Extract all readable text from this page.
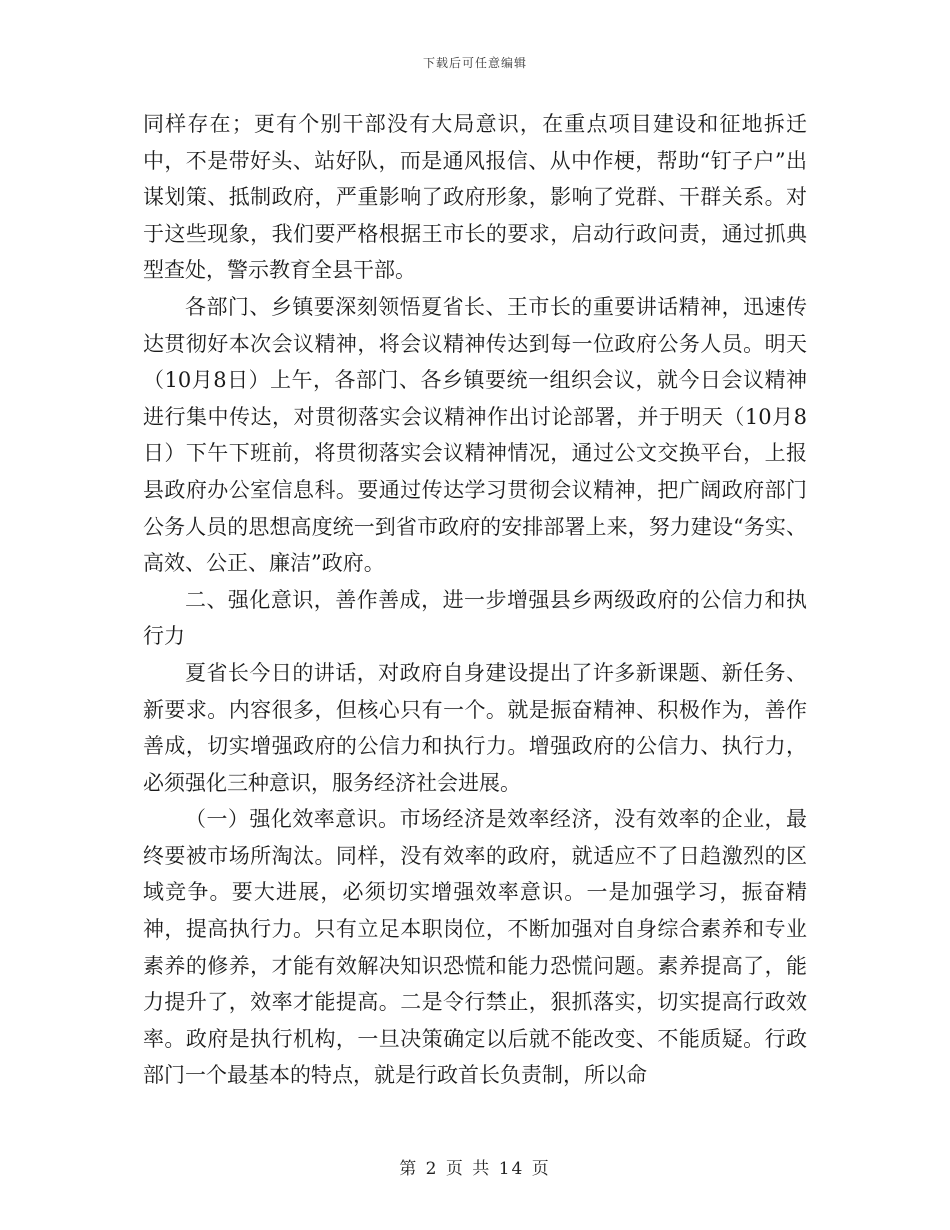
下载后可任意编辑

同样存在；更有个别干部没有大局意识，在重点项目建设和征地拆迁中，不是带好头、站好队，而是通风报信、从中作梗，帮助“钉子户”出谋划策、抵制政府，严重影响了政府形象，影响了党群、干群关系。对于这些现象，我们要严格根据王市长的要求，启动行政问责，通过抓典型查处，警示教育全县干部。

各部门、乡镇要深刻领悟夏省长、王市长的重要讲话精神，迅速传达贯彻好本次会议精神，将会议精神传达到每一位政府公务人员。明天（10月8日）上午，各部门、各乡镇要统一组织会议，就今日会议精神进行集中传达，对贯彻落实会议精神作出讨论部署，并于明天（10月8日）下午下班前，将贯彻落实会议精神情况，通过公文交换平台，上报县政府办公室信息科。要通过传达学习贯彻会议精神，把广阔政府部门公务人员的思想高度统一到省市政府的安排部署上来，努力建设“务实、高效、公正、廉洁”政府。

二、强化意识，善作善成，进一步增强县乡两级政府的公信力和执行力

夏省长今日的讲话，对政府自身建设提出了许多新课题、新任务、新要求。内容很多，但核心只有一个。就是振奋精神、积极作为，善作善成，切实增强政府的公信力和执行力。增强政府的公信力、执行力，必须强化三种意识，服务经济社会进展。

（一）强化效率意识。市场经济是效率经济，没有效率的企业，最终要被市场所淘汰。同样，没有效率的政府，就适应不了日趋激烈的区域竞争。要大进展，必须切实增强效率意识。一是加强学习，振奋精神，提高执行力。只有立足本职岗位，不断加强对自身综合素养和专业素养的修养，才能有效解决知识恐慌和能力恐慌问题。素养提高了，能力提升了，效率才能提高。二是令行禁止，狠抓落实，切实提高行政效率。政府是执行机构，一旦决策确定以后就不能改变、不能质疑。行政部门一个最基本的特点，就是行政首长负责制，所以命

第 2 页 共 14 页
